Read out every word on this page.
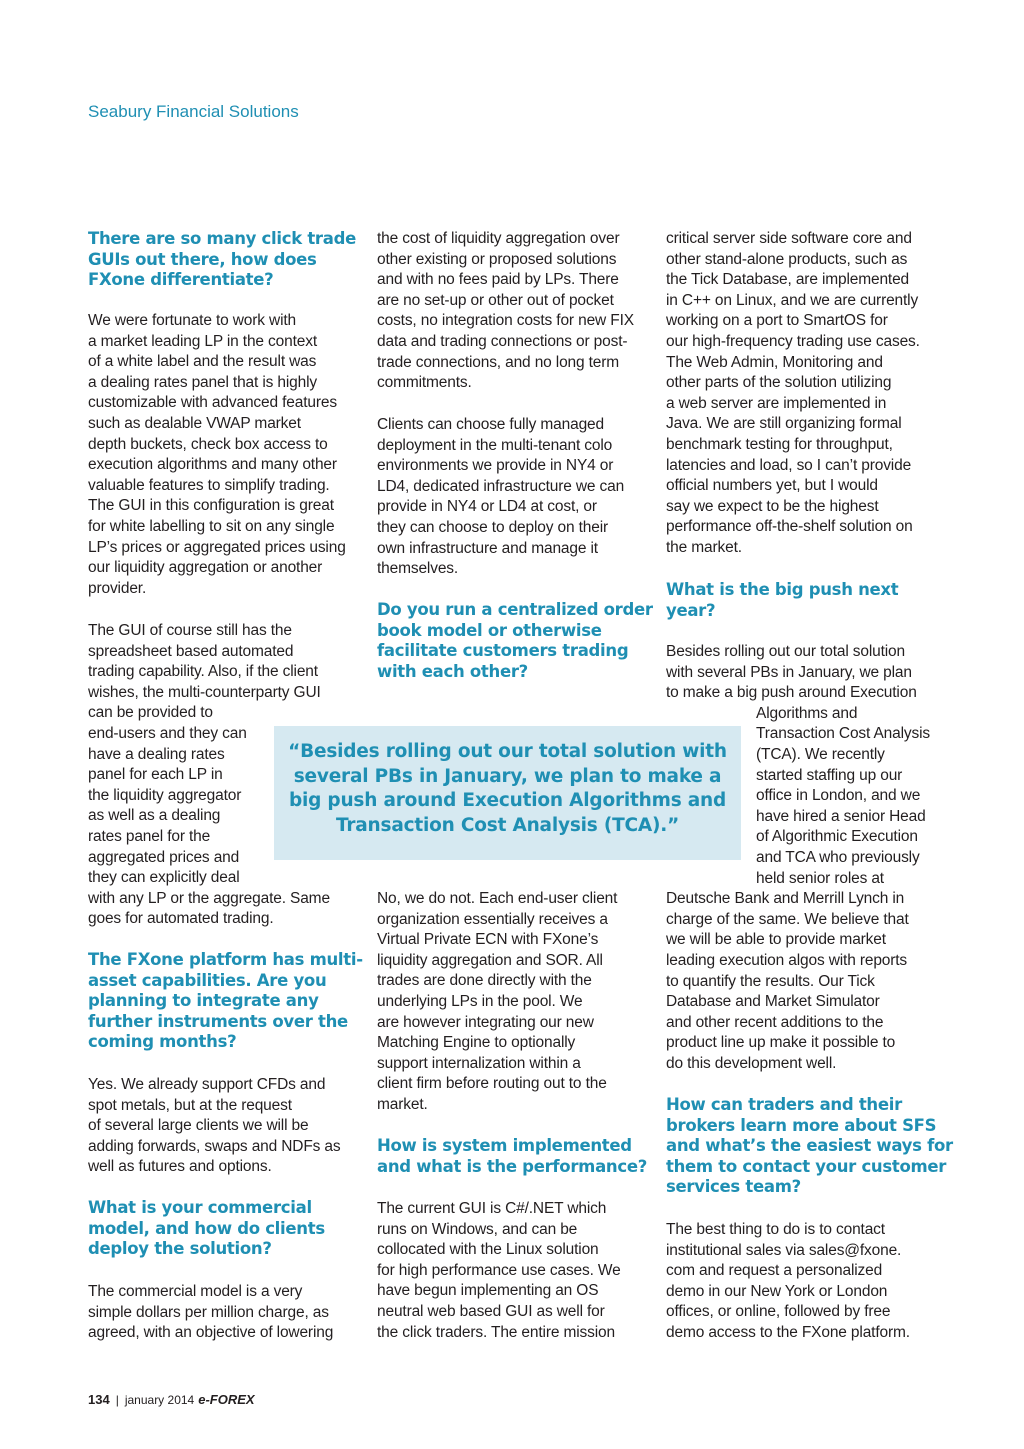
Seabury Financial Solutions
There are so many click trade
GUIs out there, how does
FXone differentiate?
We were fortunate to work with
a market leading LP in the context
of a white label and the result was
a dealing rates panel that is highly
customizable with advanced features
such as dealable VWAP market
depth buckets, check box access to
execution algorithms and many other
valuable features to simplify trading.
The GUI in this configuration is great
for white labelling to sit on any single
LP’s prices or aggregated prices using
our liquidity aggregation or another
provider.
The GUI of course still has the
spreadsheet based automated
trading capability. Also, if the client
wishes, the multi-counterparty GUI
can be provided to
end-users and they can
have a dealing rates
panel for each LP in
the liquidity aggregator
as well as a dealing
rates panel for the
aggregated prices and
they can explicitly deal
with any LP or the aggregate. Same
goes for automated trading.
The FXone platform has multi-
asset capabilities. Are you
planning to integrate any
further instruments over the
coming months?
Yes. We already support CFDs and
spot metals, but at the request
of several large clients we will be
adding forwards, swaps and NDFs as
well as futures and options.
What is your commercial
model, and how do clients
deploy the solution?
The commercial model is a very
simple dollars per million charge, as
agreed, with an objective of lowering
the cost of liquidity aggregation over
other existing or proposed solutions
and with no fees paid by LPs. There
are no set-up or other out of pocket
costs, no integration costs for new FIX
data and trading connections or post-
trade connections, and no long term
commitments.
Clients can choose fully managed
deployment in the multi-tenant colo
environments we provide in NY4 or
LD4, dedicated infrastructure we can
provide in NY4 or LD4 at cost, or
they can choose to deploy on their
own infrastructure and manage it
themselves.
Do you run a centralized order
book model or otherwise
facilitate customers trading
with each other?
No, we do not. Each end-user client
organization essentially receives a
Virtual Private ECN with FXone’s
liquidity aggregation and SOR. All
trades are done directly with the
underlying LPs in the pool. We
are however integrating our new
Matching Engine to optionally
support internalization within a
client firm before routing out to the
market.
How is system implemented
and what is the performance?
The current GUI is C#/.NET which
runs on Windows, and can be
collocated with the Linux solution
for high performance use cases. We
have begun implementing an OS
neutral web based GUI as well for
the click traders. The entire mission
critical server side software core and
other stand-alone products, such as
the Tick Database, are implemented
in C++ on Linux, and we are currently
working on a port to SmartOS for
our high-frequency trading use cases.
The Web Admin, Monitoring and
other parts of the solution utilizing
a web server are implemented in
Java. We are still organizing formal
benchmark testing for throughput,
latencies and load, so I can’t provide
official numbers yet, but I would
say we expect to be the highest
performance off-the-shelf solution on
the market.
What is the big push next
year?
Besides rolling out our total solution
with several PBs in January, we plan
to make a big push around Execution
Algorithms and
Transaction Cost Analysis
(TCA). We recently
started staffing up our
office in London, and we
have hired a senior Head
of Algorithmic Execution
and TCA who previously
held senior roles at
Deutsche Bank and Merrill Lynch in
charge of the same. We believe that
we will be able to provide market
leading execution algos with reports
to quantify the results. Our Tick
Database and Market Simulator
and other recent additions to the
product line up make it possible to
do this development well.
How can traders and their
brokers learn more about SFS
and what’s the easiest ways for
them to contact your customer
services team?
The best thing to do is to contact
institutional sales via sales@fxone.
com and request a personalized
demo in our New York or London
offices, or online, followed by free
demo access to the FXone platform.
“Besides rolling out our total solution with
several PBs in January, we plan to make a
big push around Execution Algorithms and
Transaction Cost Analysis (TCA).”
134 | january 2014 e-FOREX
